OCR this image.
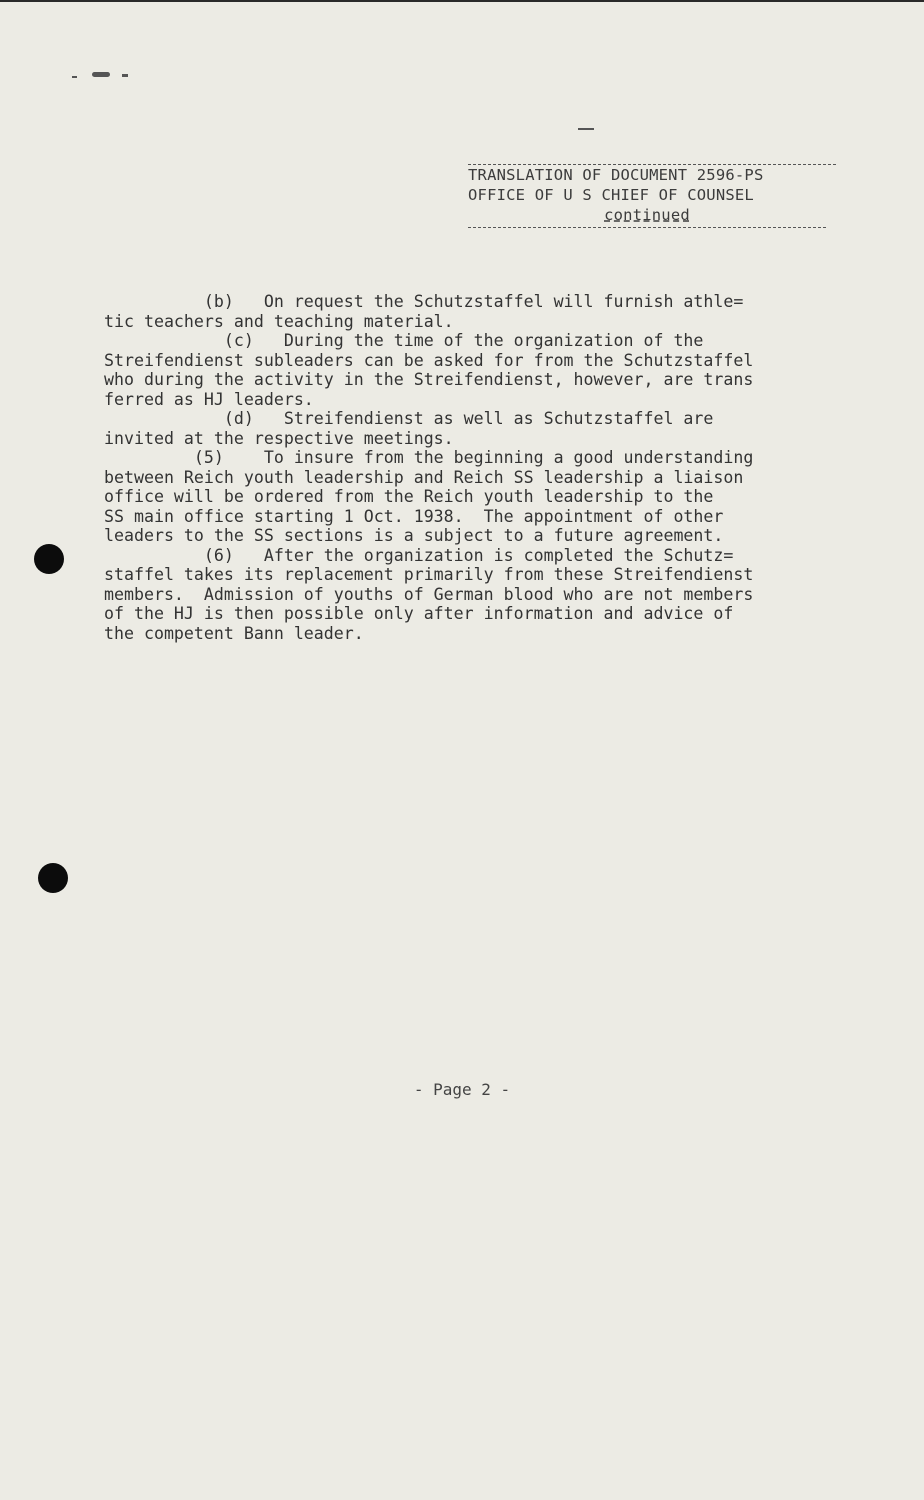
TRANSLATION OF DOCUMENT 2596-PS
OFFICE OF U S CHIEF OF COUNSEL
continued
(b)   On request the Schutzstaffel will furnish athle=
tic teachers and teaching material.
(c)   During the time of the organization of the
Streifendienst subleaders can be asked for from the Schutzstaffel
who during the activity in the Streifendienst, however, are trans
ferred as HJ leaders.
(d)   Streifendienst as well as Schutzstaffel are
invited at the respective meetings.
(5)    To insure from the beginning a good understanding
between Reich youth leadership and Reich SS leadership a liaison
office will be ordered from the Reich youth leadership to the
SS main office starting 1 Oct. 1938.  The appointment of other
leaders to the SS sections is a subject to a future agreement.
(6)   After the organization is completed the Schutz=
staffel takes its replacement primarily from these Streifendienst
members.  Admission of youths of German blood who are not members
of the HJ is then possible only after information and advice of
the competent Bann leader.
- Page 2 -
